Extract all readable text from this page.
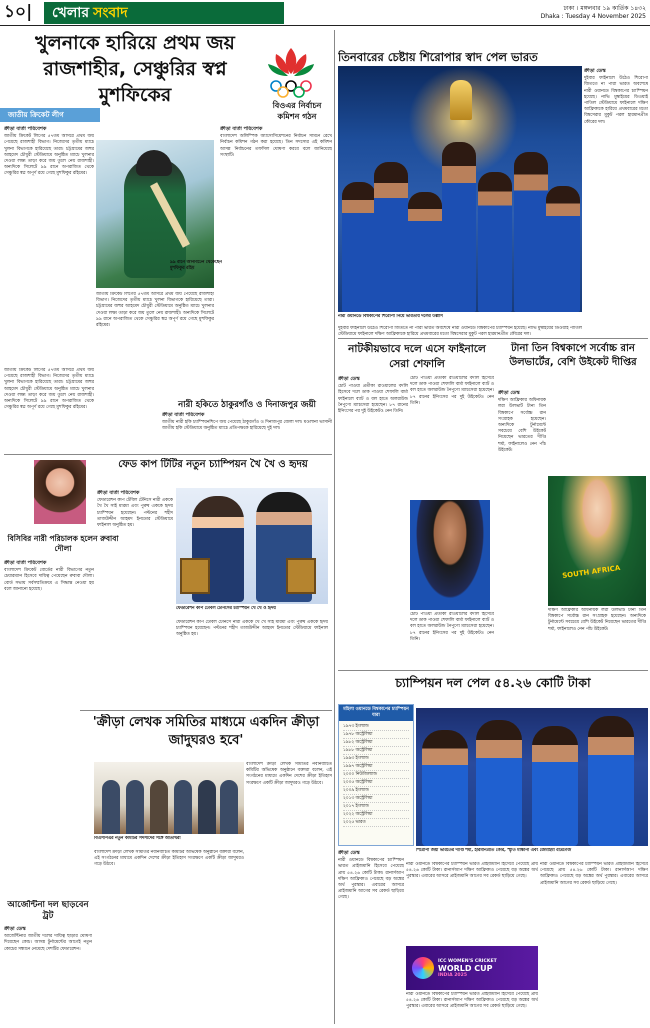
১০|	খেলার সংবাদ	ঢাকা । মঙ্গলবার ১৯ কার্তিক ১৪৩২
Dhaka : Tuesday 4 November 2025
খুলনাকে হারিয়ে প্রথম জয় রাজশাহীর, সেঞ্চুরির স্বপ্ন মুশফিকের
জাতীয় ক্রিকেট লীগ
ক্রীড়া বার্তা পরিবেশক
জাতীয় ক্রিকেট লিগের ৫৭তম আসরে প্রথম জয় পেয়েছে রাজশাহী বিভাগ। নিজেদের তৃতীয় ম্যাচে খুলনা বিভাগকে হারিয়েছে তারা। চট্টগ্রামের জহুর আহমেদ চৌধুরী স্টেডিয়ামে অনুষ্ঠিত ম্যাচে খুলনার দেওয়া লক্ষ্য তাড়া করে জয় তুলে নেয় রাজশাহী। অন্যদিকে সিলেটে ৯৯ রানে অপরাজিত থেকে সেঞ্চুরির স্বপ্ন অপূর্ণ রয়ে গেছে মুশফিকুর রহিমের।
৯৯ রানে আনবিটেন থেকেছেন মুশফিকুর রহিম
জাতীয় ক্রিকেট লিগের ৫৭তম আসরে প্রথম জয় পেয়েছে রাজশাহী বিভাগ। নিজেদের তৃতীয় ম্যাচে খুলনা বিভাগকে হারিয়েছে তারা। চট্টগ্রামের জহুর আহমেদ চৌধুরী স্টেডিয়ামে অনুষ্ঠিত ম্যাচে খুলনার দেওয়া লক্ষ্য তাড়া করে জয় তুলে নেয় রাজশাহী। অন্যদিকে সিলেটে ৯৯ রানে অপরাজিত থেকে সেঞ্চুরির স্বপ্ন অপূর্ণ রয়ে গেছে মুশফিকুর রহিমের।
বিওএর নির্বাচন কমিশন গঠন
ক্রীড়া বার্তা পরিবেশক
বাংলাদেশ অলিম্পিক অ্যাসোসিয়েশনের নির্বাচন সামনে রেখে নির্বাচন কমিশন গঠন করা হয়েছে। তিন সদস্যের এই কমিশন আসন্ন নির্বাচনের তফসিল ঘোষণা করবে বলে জানিয়েছে সংস্থাটি।
নারী হকিতে ঠাকুরগাঁও ও দিনাজপুর জয়ী
ক্রীড়া বার্তা পরিবেশক
জাতীয় নারী হকি চ্যাম্পিয়নশিপে জয় পেয়েছে ঠাকুরগাঁও ও দিনাজপুর জেলা দল। মওলানা ভাসানী জাতীয় হকি স্টেডিয়ামে অনুষ্ঠিত ম্যাচে প্রতিপক্ষকে হারিয়েছে দুই দল।
জাতীয় ক্রিকেট লিগের ৫৭তম আসরে প্রথম জয় পেয়েছে রাজশাহী বিভাগ। নিজেদের তৃতীয় ম্যাচে খুলনা বিভাগকে হারিয়েছে তারা। চট্টগ্রামের জহুর আহমেদ চৌধুরী স্টেডিয়ামে অনুষ্ঠিত ম্যাচে খুলনার দেওয়া লক্ষ্য তাড়া করে জয় তুলে নেয় রাজশাহী। অন্যদিকে সিলেটে ৯৯ রানে অপরাজিত থেকে সেঞ্চুরির স্বপ্ন অপূর্ণ রয়ে গেছে মুশফিকুর রহিমের।
বিসিবির নারী পরিচালক হলেন রুবাবা দৌলা
ক্রীড়া বার্তা পরিবেশক
বাংলাদেশ ক্রিকেট বোর্ডের নারী বিভাগের নতুন চেয়ারম্যান হিসেবে দায়িত্ব পেয়েছেন রুবাবা দৌলা। বোর্ড সভায় সর্বসম্মতিক্রমে এ সিদ্ধান্ত নেওয়া হয় বলে জানানো হয়েছে।
ফেড কাপ টিটির নতুন চ্যাম্পিয়ন খৈ খৈ ও হৃদয়
ক্রীড়া বার্তা পরিবেশক
ফেডারেশন কাপ টেবিল টেনিসে নারী এককে খৈ খৈ সাই মারমা এবং পুরুষ এককে হৃদয় চ্যাম্পিয়ন হয়েছেন। পল্টনের শহীদ তাজউদ্দীন আহমদ ইনডোর স্টেডিয়ামে ফাইনাল অনুষ্ঠিত হয়।
ফেডারেশন কাপ টেবিল টেনিসের চ্যাম্পিয়ন খৈ খৈ ও হৃদয়
ফেডারেশন কাপ টেবিল টেনিসে নারী এককে খৈ খৈ সাই মারমা এবং পুরুষ এককে হৃদয় চ্যাম্পিয়ন হয়েছেন। পল্টনের শহীদ তাজউদ্দীন আহমদ ইনডোর স্টেডিয়ামে ফাইনাল অনুষ্ঠিত হয়।
'ক্রীড়া লেখক সমিতির মাধ্যমে একদিন ক্রীড়া জাদুঘরও হবে'
বিএসপিএর নতুন কমিটির সদস্যদের সঙ্গে অতিথিরা
বাংলাদেশ ক্রীড়া লেখক সমিতির নবনির্বাচিত কমিটির অভিষেক অনুষ্ঠানে বক্তারা বলেন, এই সংগঠনের মাধ্যমে একদিন দেশের ক্রীড়া ইতিহাস সংরক্ষণে একটি ক্রীড়া জাদুঘরও গড়ে উঠবে।
বাংলাদেশ ক্রীড়া লেখক সমিতির নবনির্বাচিত কমিটির অভিষেক অনুষ্ঠানে বক্তারা বলেন, এই সংগঠনের মাধ্যমে একদিন দেশের ক্রীড়া ইতিহাস সংরক্ষণে একটি ক্রীড়া জাদুঘরও গড়ে উঠবে।
আর্জেন্টিনা দল ছাড়বেন ট্রট
ক্রীড়া ডেস্ক
আর্জেন্টিনার জাতীয় দলের দায়িত্ব ছাড়ার ঘোষণা দিয়েছেন কোচ। আসন্ন টুর্নামেন্টের আগেই নতুন কোচের সন্ধানে নেমেছে দেশটির ফেডারেশন।
তিনবারের চেষ্টায় শিরোপার স্বাদ পেল ভারত
নারী ওয়ানডে বিশ্বকাপের শিরোপা নিয়ে ভারতীয় দলের উল্লাস
ক্রীড়া ডেস্ক
দুইবার ফাইনালে উঠেও শিরোপা জিততে না পারা ভারত অবশেষে নারী ওয়ানডে বিশ্বকাপের চ্যাম্পিয়ন হয়েছে। নাভি মুম্বাইয়ের ডিওয়াই পাতিল স্টেডিয়ামে ফাইনালে দক্ষিণ আফ্রিকাকে হারিয়ে প্রথমবারের মতো বিশ্বসেরার মুকুট পরল হারমানপ্রীত কৌরের দল।
দুইবার ফাইনালে উঠেও শিরোপা জিততে না পারা ভারত অবশেষে নারী ওয়ানডে বিশ্বকাপের চ্যাম্পিয়ন হয়েছে। নাভি মুম্বাইয়ের ডিওয়াই পাতিল স্টেডিয়ামে ফাইনালে দক্ষিণ আফ্রিকাকে হারিয়ে প্রথমবারের মতো বিশ্বসেরার মুকুট পরল হারমানপ্রীত কৌরের দল।
নাটকীয়ভাবে দলে এসে ফাইনালে সেরা শেফালি
ক্রীড়া ডেস্ক
চোট পাওয়া প্রতীকা রাওয়ালের বদলি হিসেবে দলে ডাক পাওয়া শেফালি বার্মা ফাইনালে ব্যাট ও বল হাতে অলরাউন্ড নৈপুণ্যে ম্যাচসেরা হয়েছেন। ৮৭ রানের ইনিংসের পর দুই উইকেটও নেন তিনি।
চোট পাওয়া প্রতীকা রাওয়ালের বদলি হিসেবে দলে ডাক পাওয়া শেফালি বার্মা ফাইনালে ব্যাট ও বল হাতে অলরাউন্ড নৈপুণ্যে ম্যাচসেরা হয়েছেন। ৮৭ রানের ইনিংসের পর দুই উইকেটও নেন তিনি।
চোট পাওয়া প্রতীকা রাওয়ালের বদলি হিসেবে দলে ডাক পাওয়া শেফালি বার্মা ফাইনালে ব্যাট ও বল হাতে অলরাউন্ড নৈপুণ্যে ম্যাচসেরা হয়েছেন। ৮৭ রানের ইনিংসের পর দুই উইকেটও নেন তিনি।
টানা তিন বিশ্বকাপে সর্বোচ্চ রান উলভার্টের, বেশি উইকেট দীপ্তির
ক্রীড়া ডেস্ক
দক্ষিণ আফ্রিকার অধিনায়ক লরা উলভার্ট টানা তিন বিশ্বকাপে সর্বোচ্চ রান সংগ্রাহক হয়েছেন। অন্যদিকে টুর্নামেন্টে সবচেয়ে বেশি উইকেট নিয়েছেন ভারতের দীপ্তি শর্মা, ফাইনালেও নেন পাঁচ উইকেট।
SOUTH AFRICA
দক্ষিণ আফ্রিকার অধিনায়ক লরা উলভার্ট টানা তিন বিশ্বকাপে সর্বোচ্চ রান সংগ্রাহক হয়েছেন। অন্যদিকে টুর্নামেন্টে সবচেয়ে বেশি উইকেট নিয়েছেন ভারতের দীপ্তি শর্মা, ফাইনালেও নেন পাঁচ উইকেট।
চ্যাম্পিয়ন দল পেল ৫৪.২৬ কোটি টাকা
মহিলা ওয়ানডে বিশ্বকাপের চ্যাম্পিয়ন যারা
১৯৭৩ ইংল্যান্ড
১৯৭৮ অস্ট্রেলিয়া
১৯৮২ অস্ট্রেলিয়া
১৯৮৮ অস্ট্রেলিয়া
১৯৯৩ ইংল্যান্ড
১৯৯৭ অস্ট্রেলিয়া
২০০০ নিউজিল্যান্ড
২০০৫ অস্ট্রেলিয়া
২০০৯ ইংল্যান্ড
২০১৩ অস্ট্রেলিয়া
২০১৭ ইংল্যান্ড
২০২২ অস্ট্রেলিয়া
২০২৫ ভারত
শিরোপা জয়ী ভারতের দীপ্তি শর্মা, হারমানপ্রীত কৌর, স্মৃতি মান্ধানা এবং জেমাইমা রদ্রিগেজ
ক্রীড়া ডেস্ক
নারী ওয়ানডে বিশ্বকাপের চ্যাম্পিয়ন ভারত প্রাইজমানি হিসেবে পেয়েছে প্রায় ৫৪.২৬ কোটি টাকা। রানার্সআপ দক্ষিণ আফ্রিকাও পেয়েছে বড় অঙ্কের অর্থ পুরস্কার। এবারের আসরে প্রাইজমানি আগের সব রেকর্ড ছাড়িয়ে গেছে।
নারী ওয়ানডে বিশ্বকাপের চ্যাম্পিয়ন ভারত প্রাইজমানি হিসেবে পেয়েছে প্রায় ৫৪.২৬ কোটি টাকা। রানার্সআপ দক্ষিণ আফ্রিকাও পেয়েছে বড় অঙ্কের অর্থ পুরস্কার। এবারের আসরে প্রাইজমানি আগের সব রেকর্ড ছাড়িয়ে গেছে।
নারী ওয়ানডে বিশ্বকাপের চ্যাম্পিয়ন ভারত প্রাইজমানি হিসেবে পেয়েছে প্রায় ৫৪.২৬ কোটি টাকা। রানার্সআপ দক্ষিণ আফ্রিকাও পেয়েছে বড় অঙ্কের অর্থ পুরস্কার। এবারের আসরে প্রাইজমানি আগের সব রেকর্ড ছাড়িয়ে গেছে।
নারী ওয়ানডে বিশ্বকাপের চ্যাম্পিয়ন ভারত প্রাইজমানি হিসেবে পেয়েছে প্রায় ৫৪.২৬ কোটি টাকা। রানার্সআপ দক্ষিণ আফ্রিকাও পেয়েছে বড় অঙ্কের অর্থ পুরস্কার। এবারের আসরে প্রাইজমানি আগের সব রেকর্ড ছাড়িয়ে গেছে।
ICC WOMEN'S CRICKET
WORLD CUP
INDIA 2025
